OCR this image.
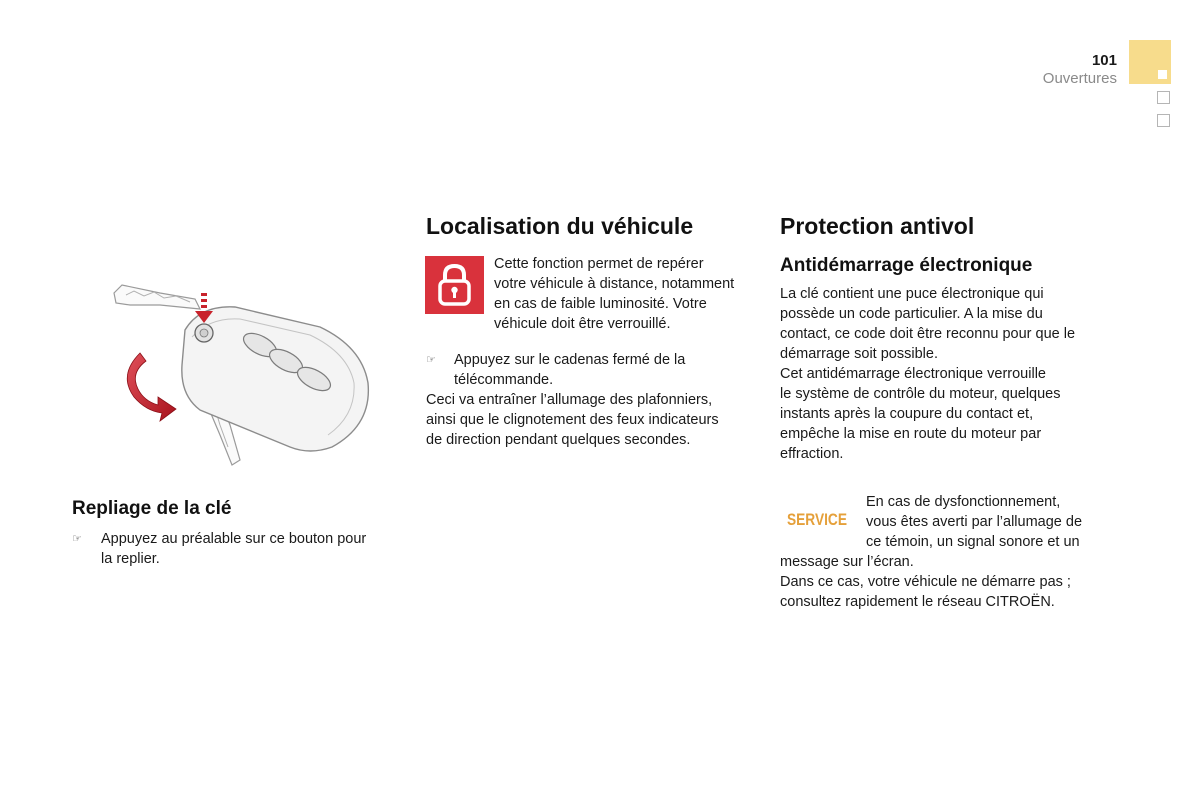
101
Ouvertures
Repliage de la clé
☞ Appuyez au préalable sur ce bouton pour
la replier.

Localisation du véhicule

Cette fonction permet de repérer
votre véhicule à distance, notamment
en cas de faible luminosité. Votre
véhicule doit être verrouillé.

☞ Appuyez sur le cadenas fermé de la
télécommande.

Ceci va entraîner l’allumage des plafonniers,
ainsi que le clignotement des feux indicateurs
de direction pendant quelques secondes.

Protection antivol
Antidémarrage électronique

La clé contient une puce électronique qui
possède un code particulier. A la mise du
contact, ce code doit être reconnu pour que le
démarrage soit possible.
Cet antidémarrage électronique verrouille
le système de contrôle du moteur, quelques
instants après la coupure du contact et,
empêche la mise en route du moteur par
effraction.

SERVICE

En cas de dysfonctionnement,
vous êtes averti par l’allumage de
ce témoin, un signal sonore et un

message sur l’écran.
Dans ce cas, votre véhicule ne démarre pas ;
consultez rapidement le réseau CITROËN.
